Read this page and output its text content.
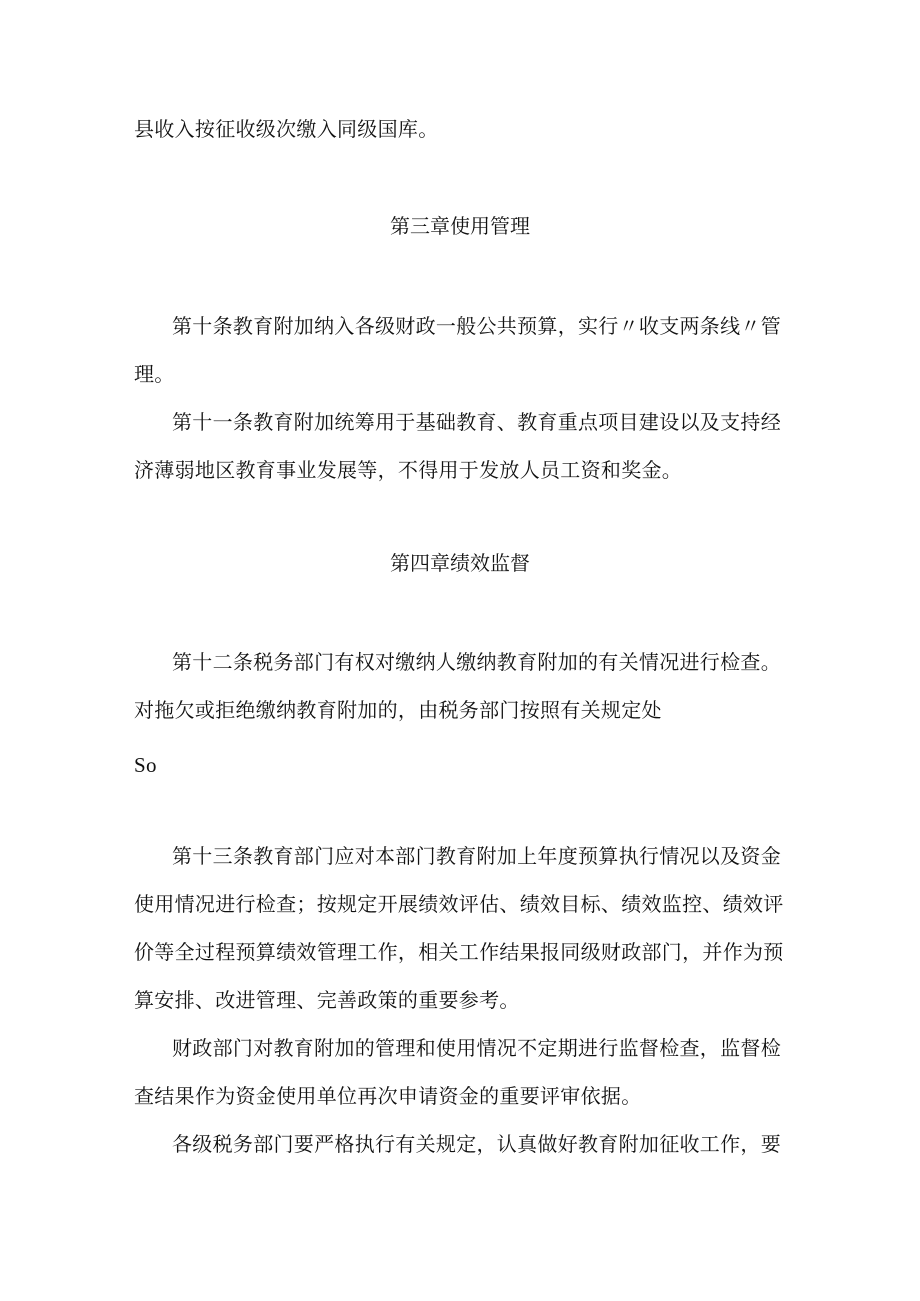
县收入按征收级次缴入同级国库。
第三章使用管理
第十条教育附加纳入各级财政一般公共预算，实行〃收支两条线〃管
理。
第十一条教育附加统筹用于基础教育、教育重点项目建设以及支持经
济薄弱地区教育事业发展等，不得用于发放人员工资和奖金。
第四章绩效监督
第十二条税务部门有权对缴纳人缴纳教育附加的有关情况进行检查。
对拖欠或拒绝缴纳教育附加的，由税务部门按照有关规定处
So
第十三条教育部门应对本部门教育附加上年度预算执行情况以及资金
使用情况进行检查；按规定开展绩效评估、绩效目标、绩效监控、绩效评
价等全过程预算绩效管理工作，相关工作结果报同级财政部门，并作为预
算安排、改进管理、完善政策的重要参考。
财政部门对教育附加的管理和使用情况不定期进行监督检查，监督检
查结果作为资金使用单位再次申请资金的重要评审依据。
各级税务部门要严格执行有关规定，认真做好教育附加征收工作，要
